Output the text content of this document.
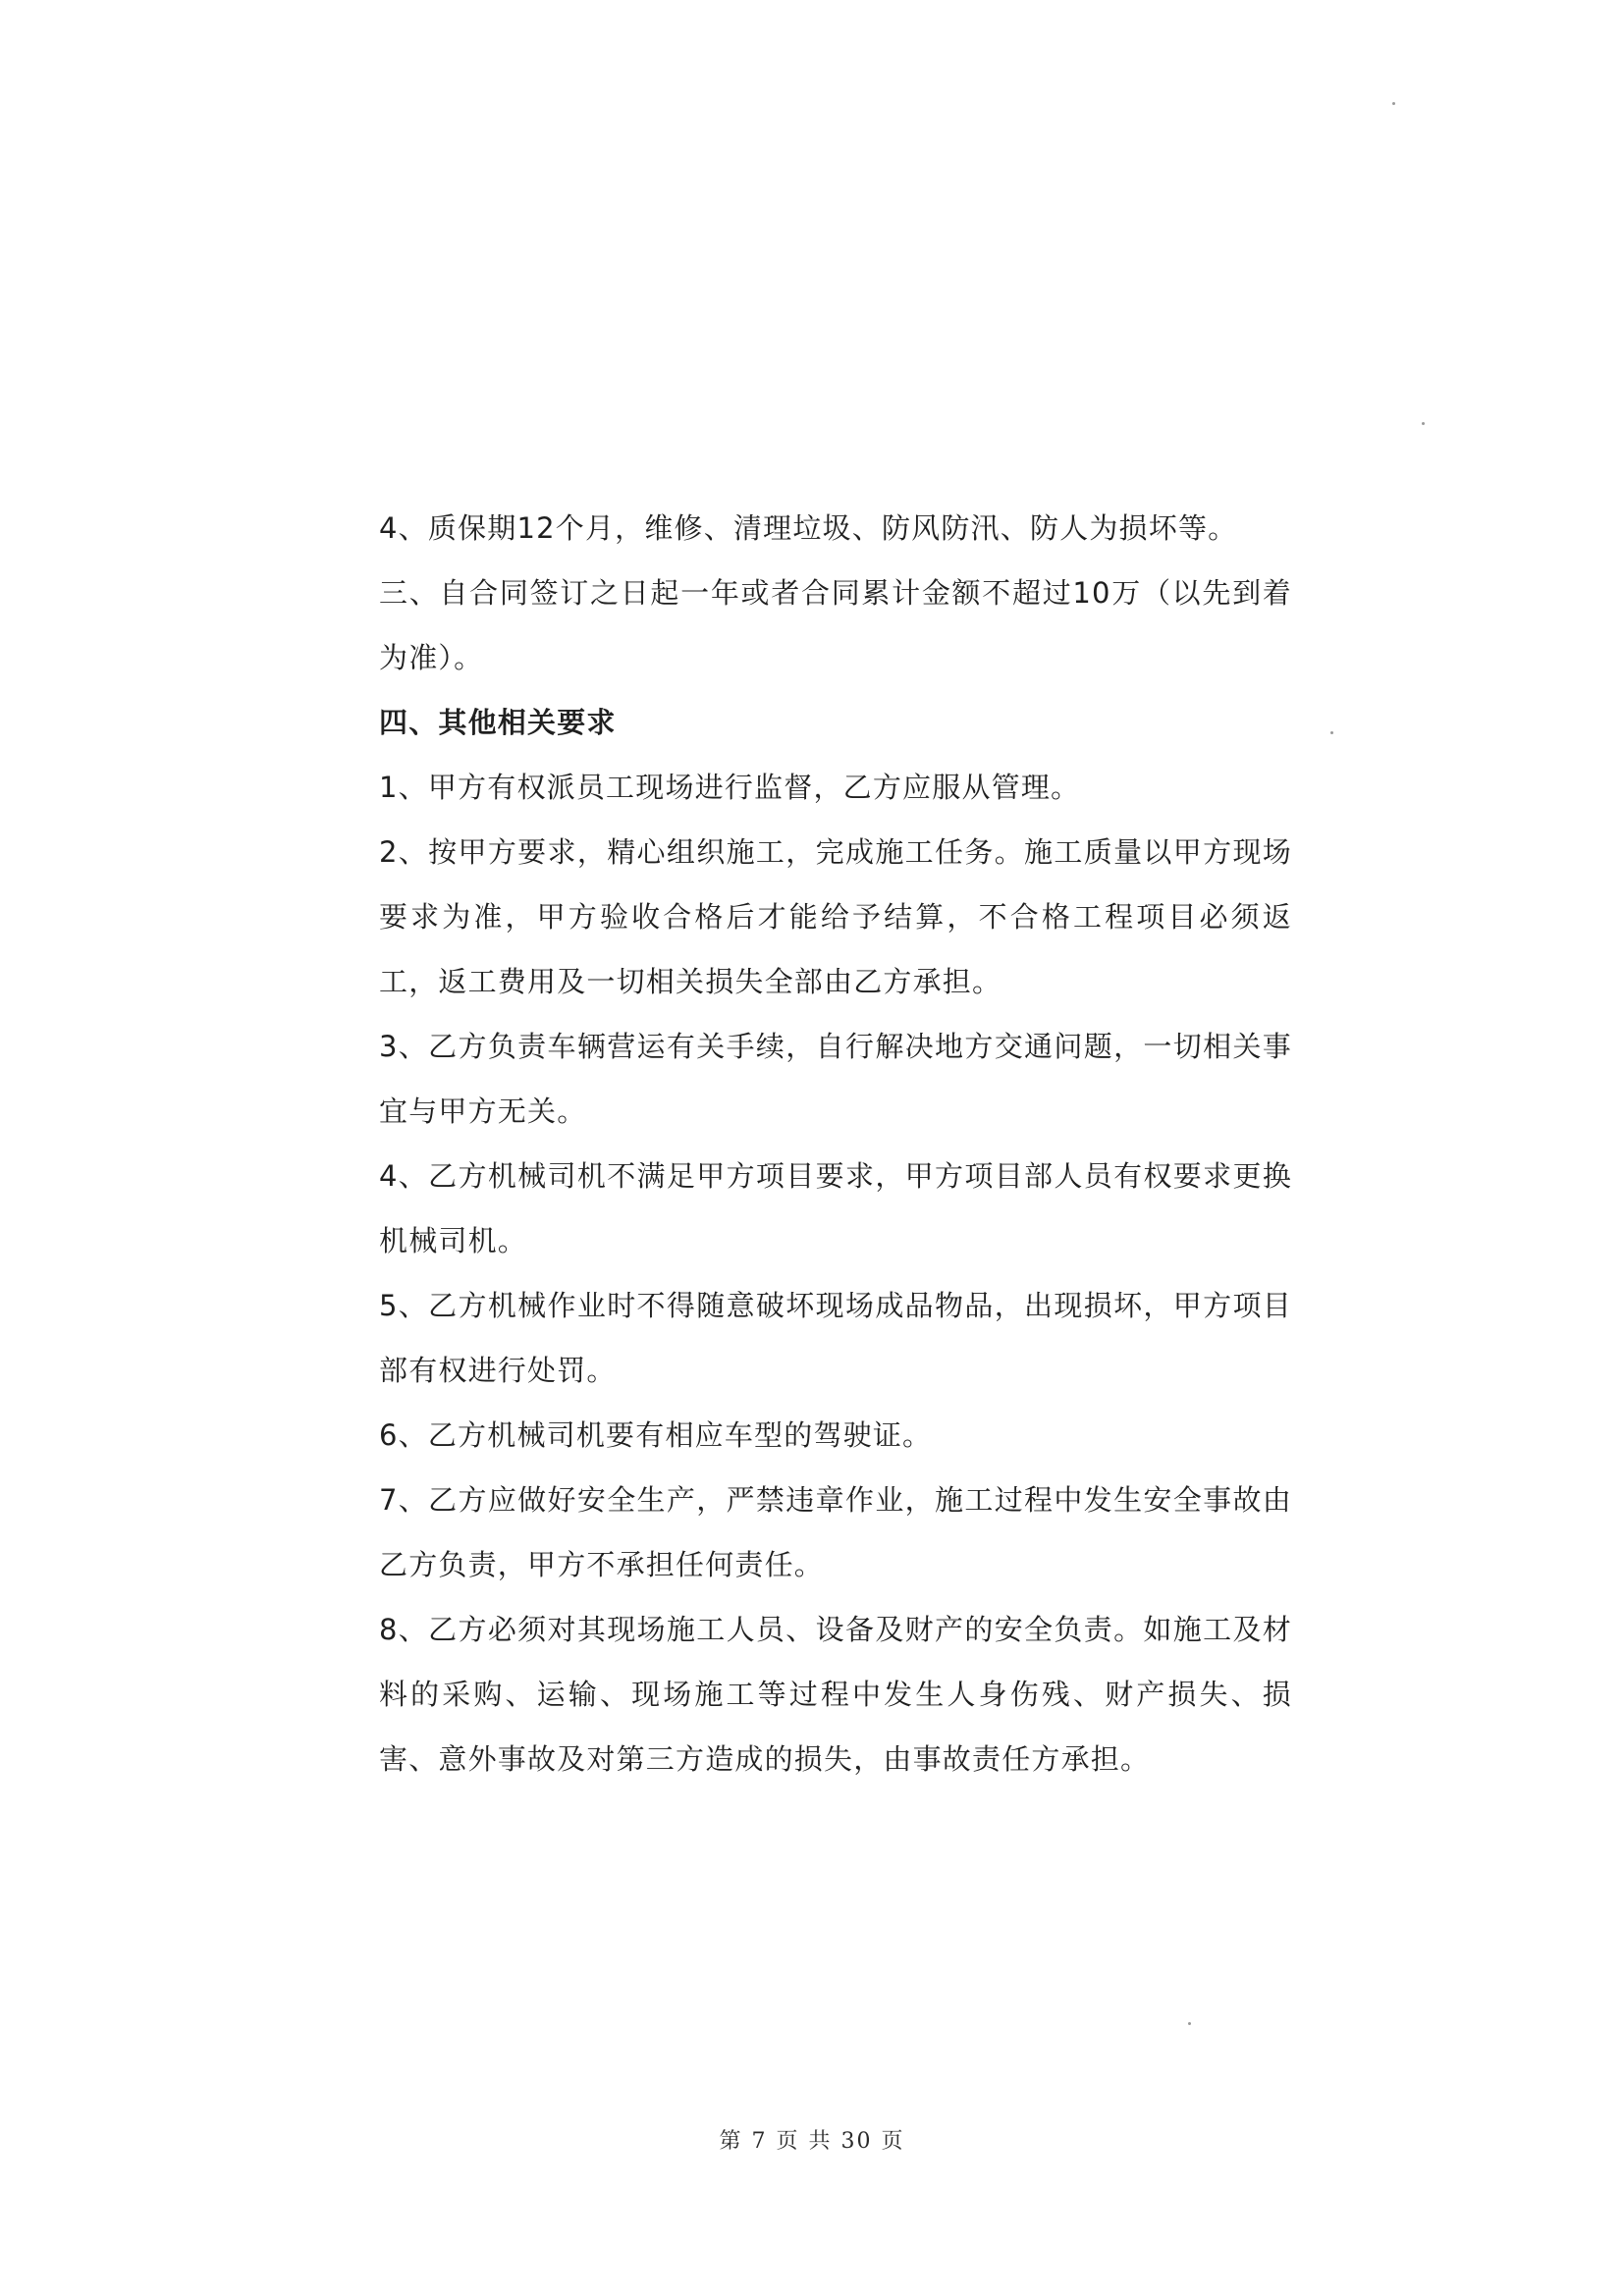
4、质保期12个月，维修、清理垃圾、防风防汛、防人为损坏等。

三、自合同签订之日起一年或者合同累计金额不超过10万（以先到着为准）。

四、其他相关要求

1、甲方有权派员工现场进行监督，乙方应服从管理。

2、按甲方要求，精心组织施工，完成施工任务。施工质量以甲方现场要求为准，甲方验收合格后才能给予结算，不合格工程项目必须返工，返工费用及一切相关损失全部由乙方承担。

3、乙方负责车辆营运有关手续，自行解决地方交通问题，一切相关事宜与甲方无关。

4、乙方机械司机不满足甲方项目要求，甲方项目部人员有权要求更换机械司机。

5、乙方机械作业时不得随意破坏现场成品物品，出现损坏，甲方项目部有权进行处罚。

6、乙方机械司机要有相应车型的驾驶证。

7、乙方应做好安全生产，严禁违章作业，施工过程中发生安全事故由乙方负责，甲方不承担任何责任。

8、乙方必须对其现场施工人员、设备及财产的安全负责。如施工及材料的采购、运输、现场施工等过程中发生人身伤残、财产损失、损害、意外事故及对第三方造成的损失，由事故责任方承担。

第 7 页 共 30 页
